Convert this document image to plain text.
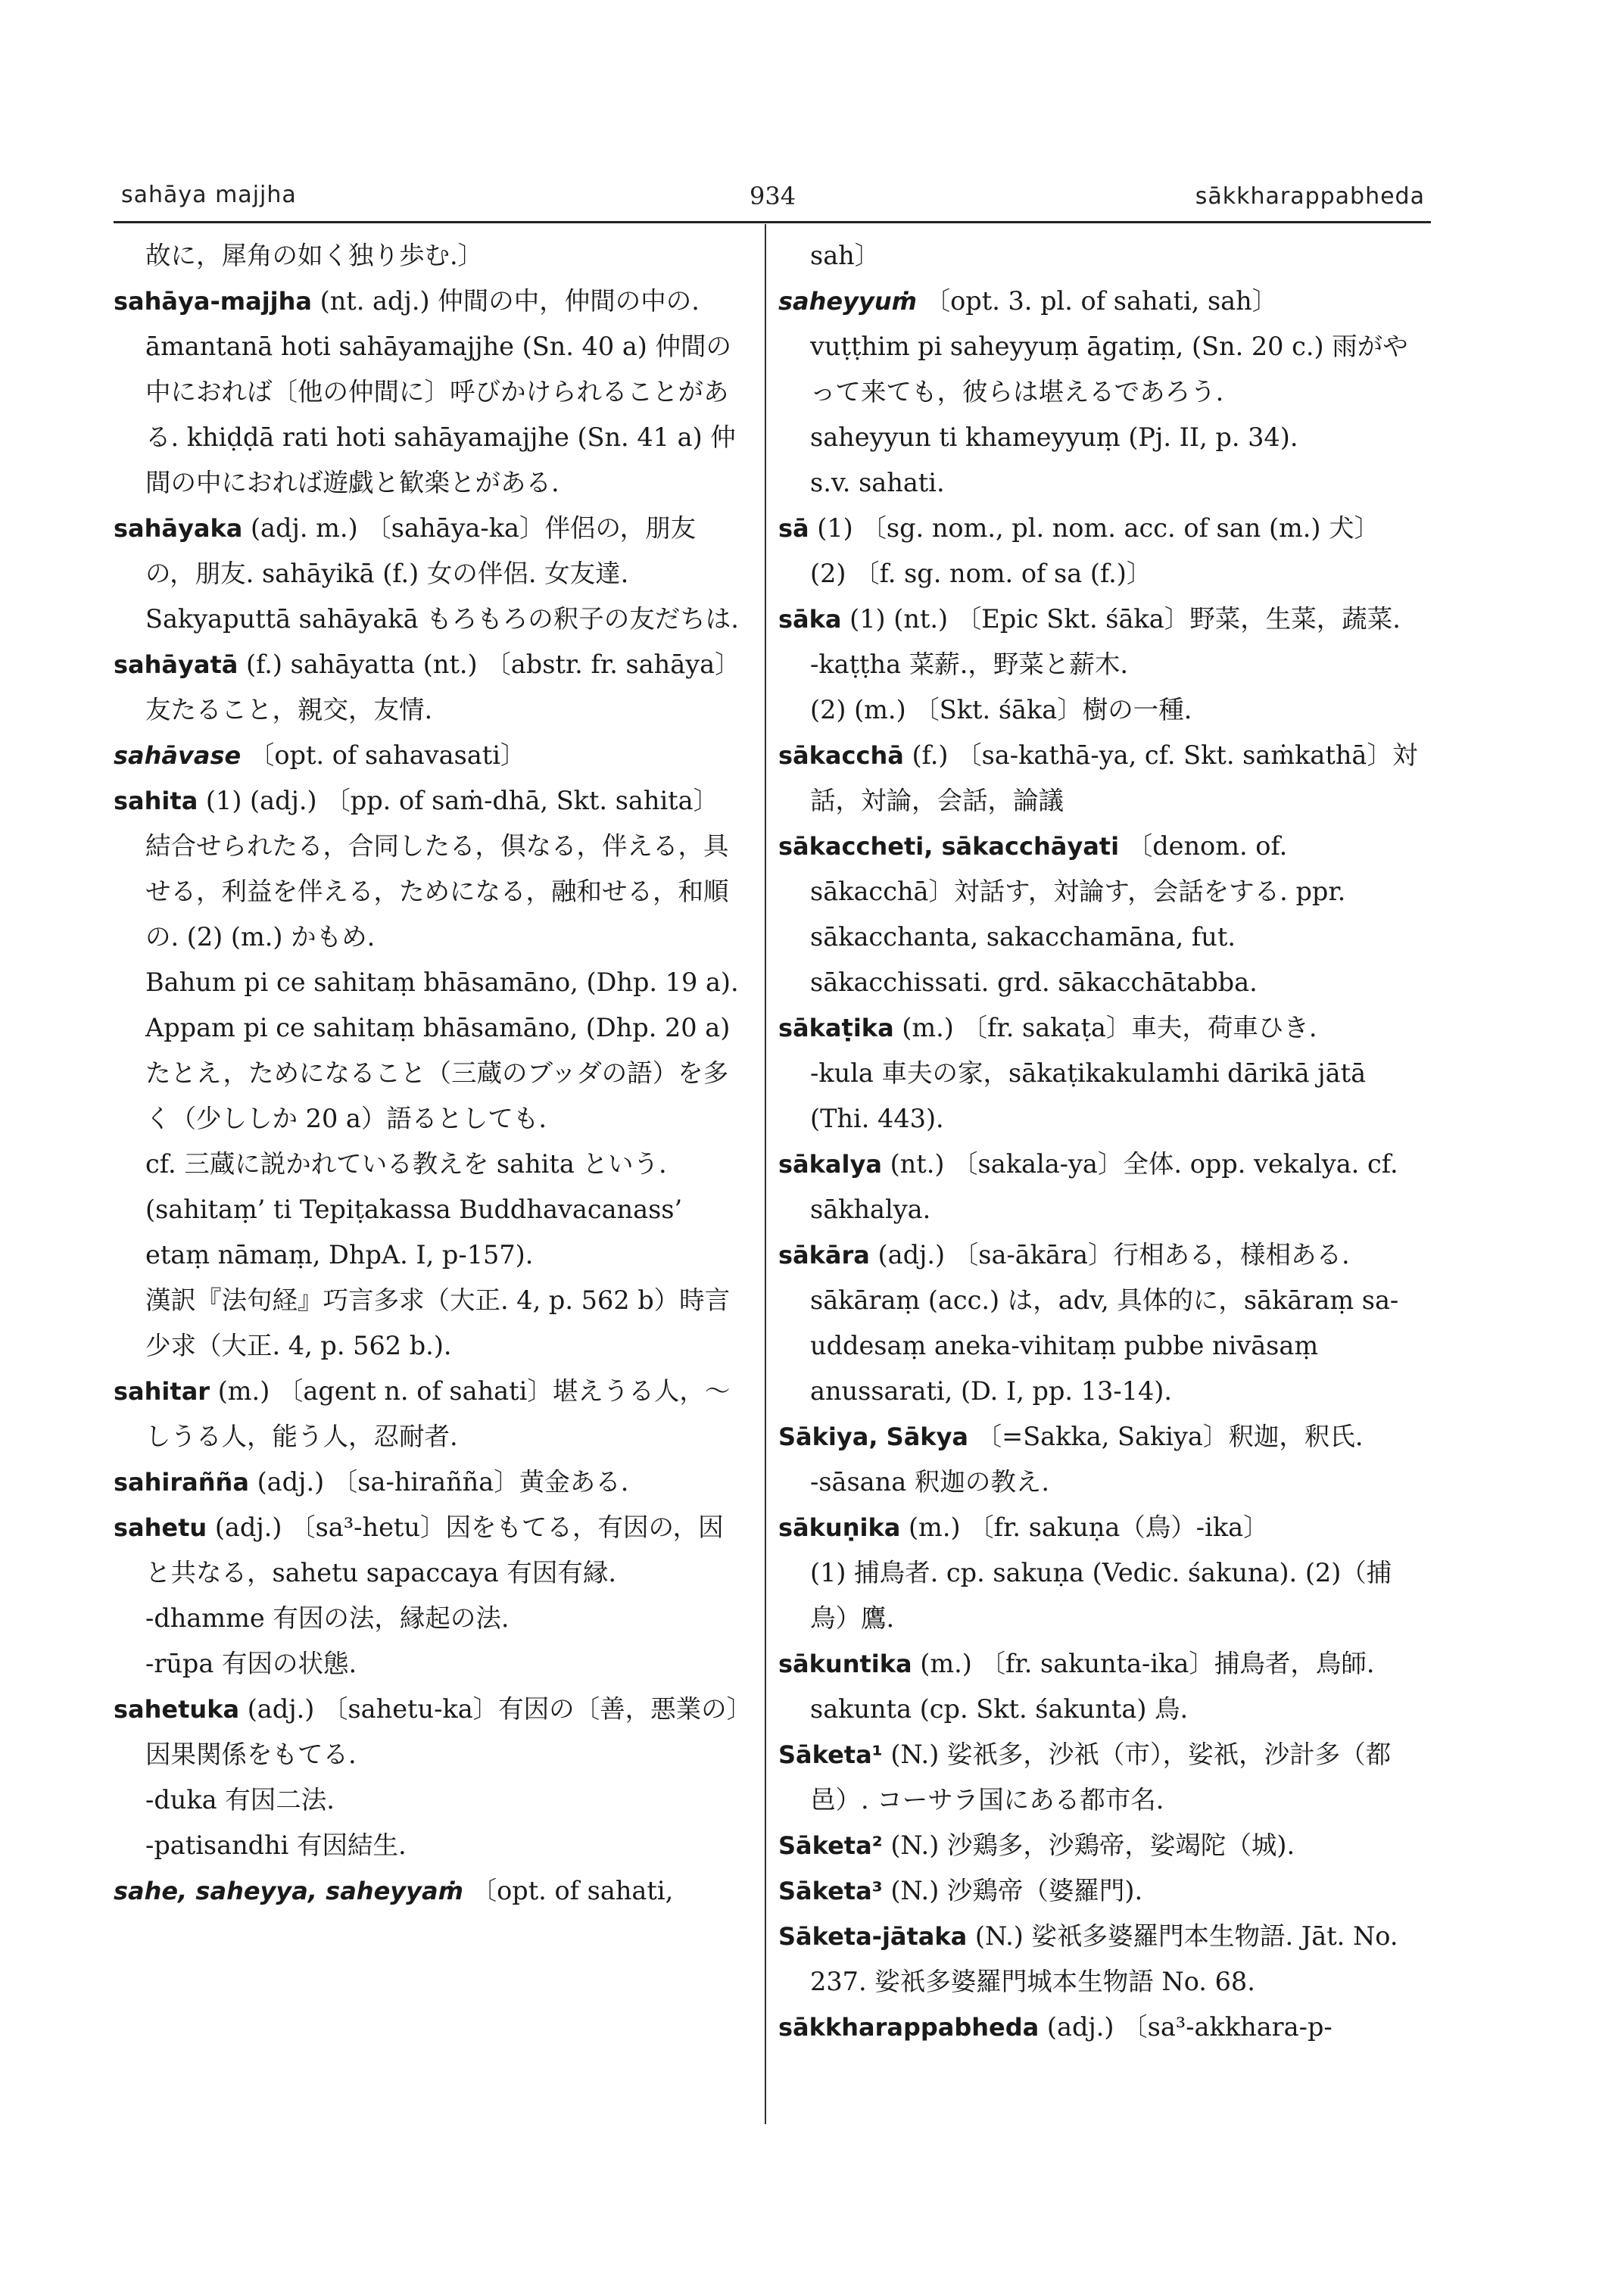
sahāya majjha	934	sākkharappabheda

故に，犀角の如く独り歩む.〕

sahāya-majjha (nt. adj.) 仲間の中，仲間の中の.

āmantanā hoti sahāyamajjhe (Sn. 40 a) 仲間の中におれば〔他の仲間に〕呼びかけられることがある. khiḍḍā rati hoti sahāyamajjhe (Sn. 41 a) 仲間の中におれば遊戯と歓楽とがある.

sahāyaka (adj. m.) 〔sahāya-ka〕伴侶の，朋友の，朋友. sahāyikā (f.) 女の伴侶. 女友達.

Sakyaputtā sahāyakā もろもろの釈子の友だちは.

sahāyatā (f.) sahāyatta (nt.) 〔abstr. fr. sahāya〕友たること，親交，友情.

sahāvase 〔opt. of sahavasati〕

sahita (1) (adj.) 〔pp. of saṁ-dhā, Skt. sahita〕結合せられたる，合同したる，倶なる，伴える，具せる，利益を伴える，ためになる，融和せる，和順の. (2) (m.) かもめ.

Bahum pi ce sahitaṃ bhāsamāno, (Dhp. 19 a).

Appam pi ce sahitaṃ bhāsamāno, (Dhp. 20 a) たとえ，ためになること（三蔵のブッダの語）を多く（少ししか 20 a）語るとしても.

cf. 三蔵に説かれている教えを sahita という. (sahitaṃ’ ti Tepiṭakassa Buddhavacanass’ etaṃ nāmaṃ, DhpA. I, p-157).

漢訳『法句経』巧言多求（大正. 4, p. 562 b）時言少求（大正. 4, p. 562 b.).

sahitar (m.) 〔agent n. of sahati〕堪えうる人，～しうる人，能う人，忍耐者.

sahirañña (adj.) 〔sa-hirañña〕黄金ある.

sahetu (adj.) 〔sa³-hetu〕因をもてる，有因の，因と共なる，sahetu sapaccaya 有因有縁.

-dhamme 有因の法，縁起の法.

-rūpa 有因の状態.

sahetuka (adj.) 〔sahetu-ka〕有因の〔善，悪業の〕因果関係をもてる.

-duka 有因二法.

-patisandhi 有因結生.

sahe, saheyya, saheyyaṁ 〔opt. of sahati,

sah〕

saheyyuṁ 〔opt. 3. pl. of sahati, sah〕

vuṭṭhim pi saheyyuṃ āgatiṃ, (Sn. 20 c.) 雨がやって来ても，彼らは堪えるであろう.

saheyyun ti khameyyuṃ (Pj. II, p. 34).

s.v. sahati.

sā (1) 〔sg. nom., pl. nom. acc. of san (m.) 犬〕 (2) 〔f. sg. nom. of sa (f.)〕

sāka (1) (nt.) 〔Epic Skt. śāka〕野菜，生菜，蔬菜.

-kaṭṭha 菜薪.，野菜と薪木.

(2) (m.) 〔Skt. śāka〕樹の一種.

sākacchā (f.) 〔sa-kathā-ya, cf. Skt. saṁkathā〕対話，対論，会話，論議

sākaccheti, sākacchāyati 〔denom. of. sākacchā〕対話す，対論す，会話をする. ppr. sākacchanta, sakacchamāna, fut. sākacchissati. grd. sākacchātabba.

sākaṭika (m.) 〔fr. sakaṭa〕車夫，荷車ひき.

-kula 車夫の家，sākaṭikakulamhi dārikā jātā (Thi. 443).

sākalya (nt.) 〔sakala-ya〕全体. opp. vekalya. cf. sākhalya.

sākāra (adj.) 〔sa-ākāra〕行相ある，様相ある. sākāraṃ (acc.) は，adv, 具体的に，sākāraṃ sa-uddesaṃ aneka-vihitaṃ pubbe nivāsaṃ anussarati, (D. I, pp. 13-14).

Sākiya, Sākya 〔=Sakka, Sakiya〕釈迦，釈氏.

-sāsana 釈迦の教え.

sākuṇika (m.) 〔fr. sakuṇa（鳥）-ika〕

(1) 捕鳥者. cp. sakuṇa (Vedic. śakuna). (2)（捕鳥）鷹.

sākuntika (m.) 〔fr. sakunta-ika〕捕鳥者，鳥師. sakunta (cp. Skt. śakunta) 鳥.

Sāketa¹ (N.) 娑祇多，沙祇（市），娑祇，沙計多（都邑）. コーサラ国にある都市名.

Sāketa² (N.) 沙鶏多，沙鶏帝，娑竭陀（城).

Sāketa³ (N.) 沙鶏帝（婆羅門).

Sāketa-jātaka (N.) 娑祇多婆羅門本生物語. Jāt. No. 237. 娑祇多婆羅門城本生物語 No. 68.

sākkharappabheda (adj.) 〔sa³-akkhara-p-
